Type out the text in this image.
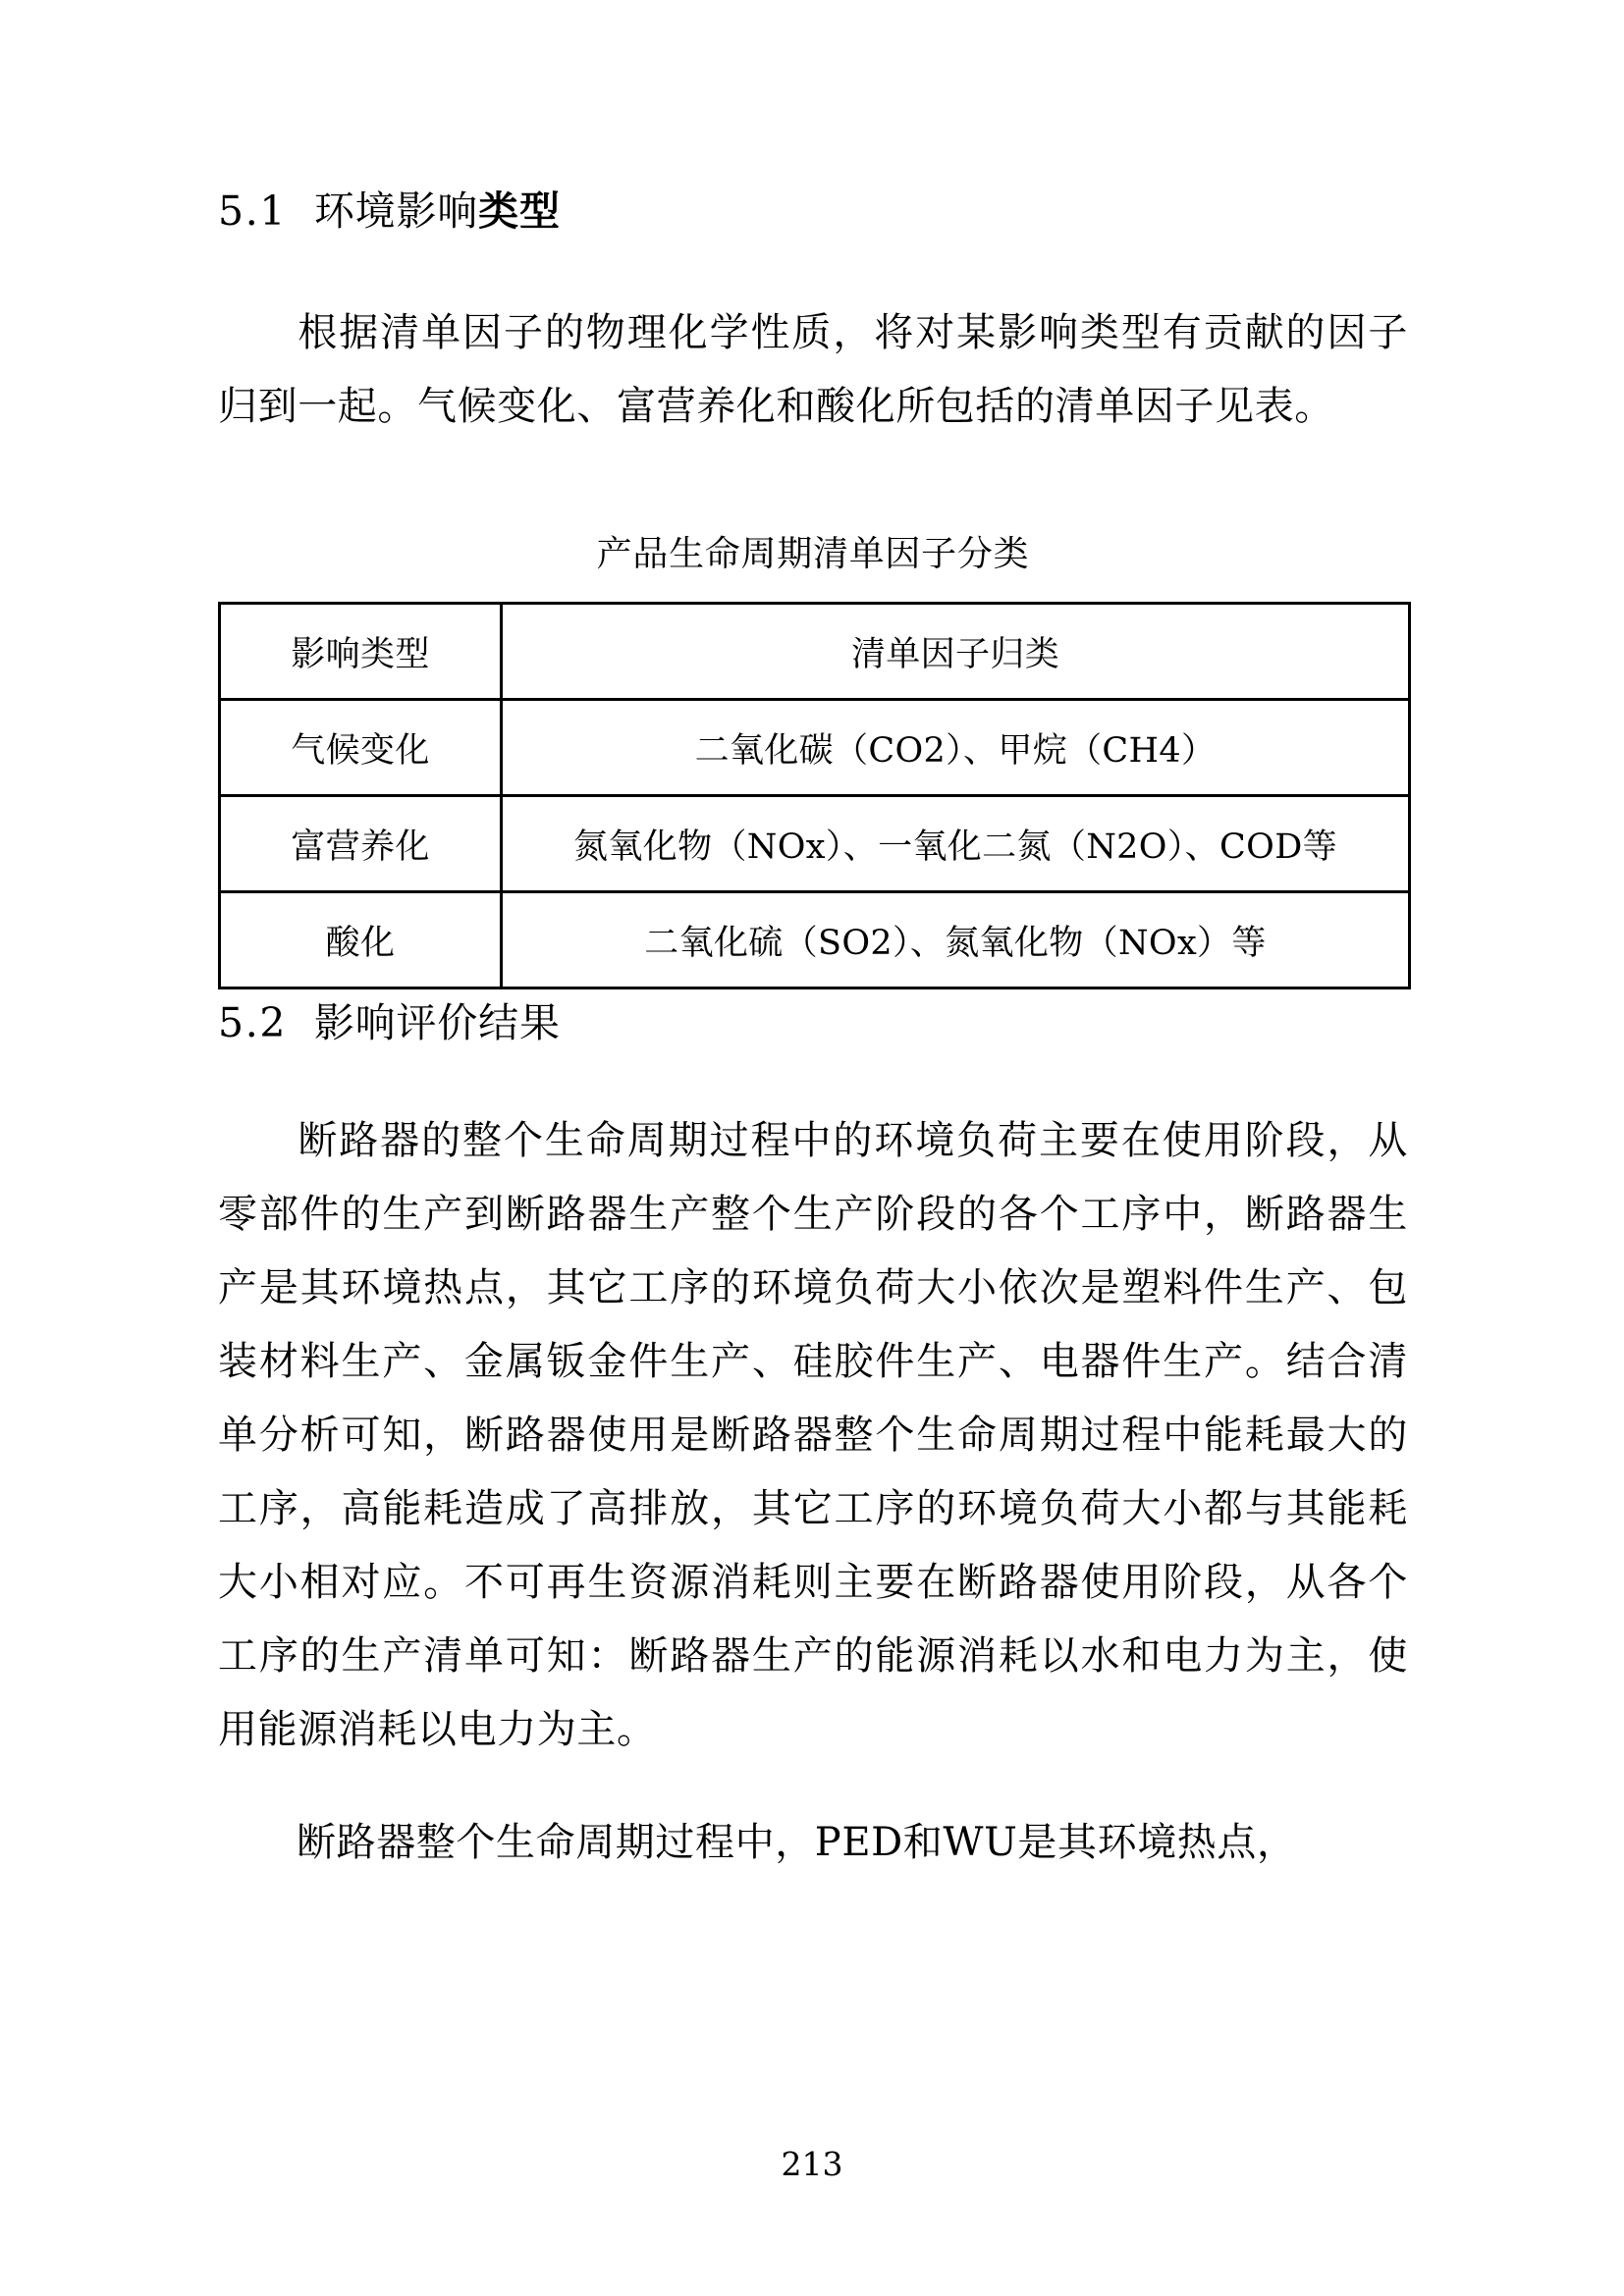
5.1 环境影响类型

根据清单因子的物理化学性质，将对某影响类型有贡献的因子归到一起。气候变化、富营养化和酸化所包括的清单因子见表。

产品生命周期清单因子分类
影响类型	清单因子归类
气候变化	二氧化碳（CO2）、甲烷（CH4）
富营养化	氮氧化物（NOx）、一氧化二氮（N2O）、COD等
酸化	二氧化硫（SO2）、氮氧化物（NOx）等
5.2 影响评价结果

断路器的整个生命周期过程中的环境负荷主要在使用阶段，从零部件的生产到断路器生产整个生产阶段的各个工序中，断路器生产是其环境热点，其它工序的环境负荷大小依次是塑料件生产、包装材料生产、金属钣金件生产、硅胶件生产、电器件生产。结合清单分析可知，断路器使用是断路器整个生命周期过程中能耗最大的工序，高能耗造成了高排放，其它工序的环境负荷大小都与其能耗大小相对应。不可再生资源消耗则主要在断路器使用阶段，从各个工序的生产清单可知：断路器生产的能源消耗以水和电力为主，使用能源消耗以电力为主。

断路器整个生命周期过程中，PED和WU是其环境热点，

213
